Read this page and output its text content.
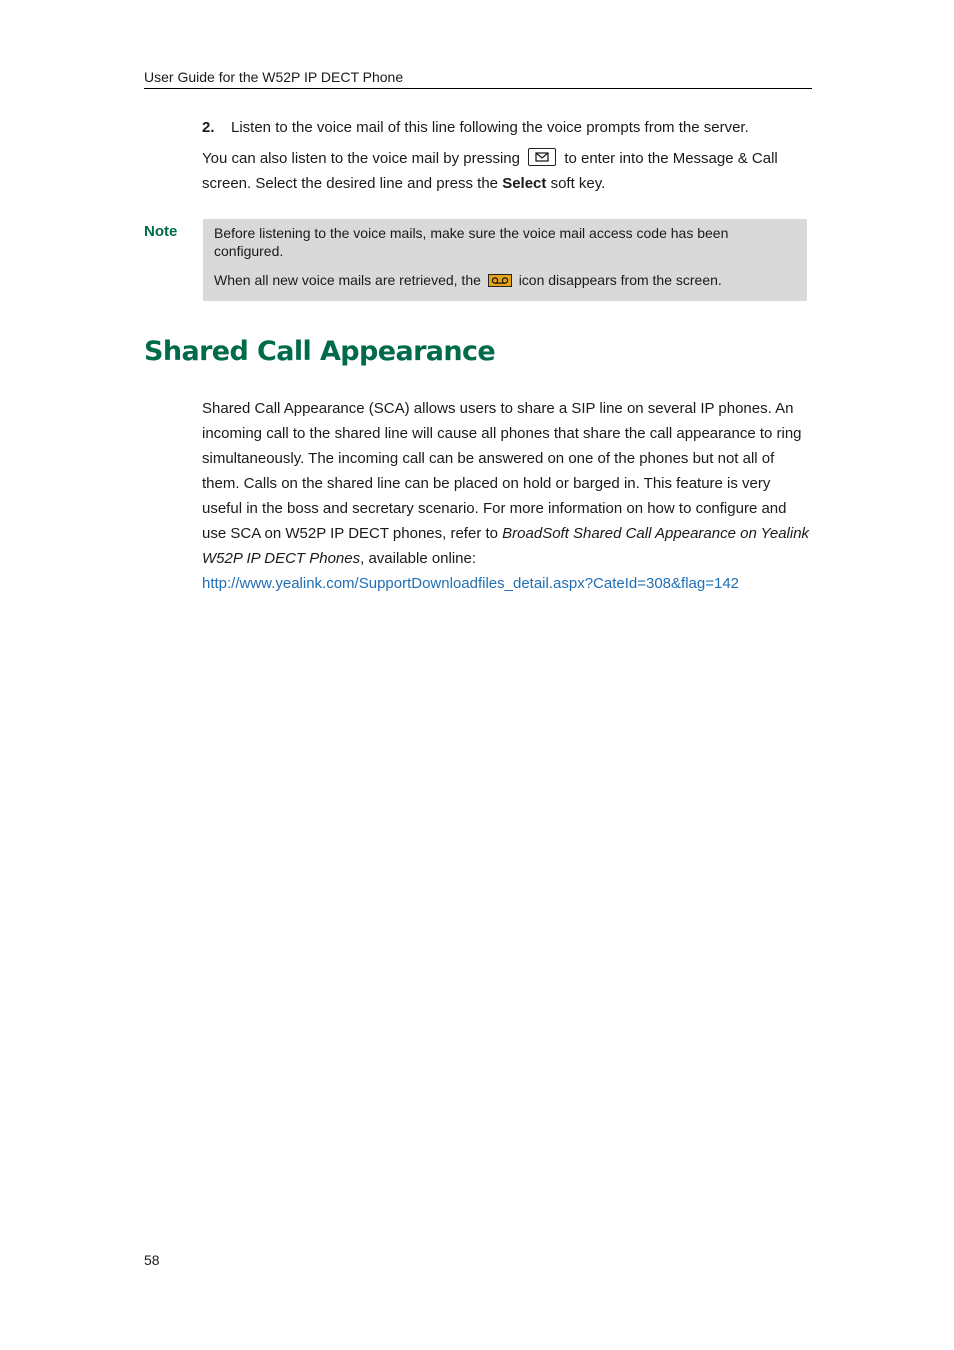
User Guide for the W52P IP DECT Phone
2. Listen to the voice mail of this line following the voice prompts from the server.
You can also listen to the voice mail by pressing	to enter into the Message & Call screen. Select the desired line and press the Select soft key.
Note	Before listening to the voice mails, make sure the voice mail access code has been configured.

When all new voice mails are retrieved, the	icon disappears from the screen.

Shared Call Appearance
Shared Call Appearance (SCA) allows users to share a SIP line on several IP phones. An incoming call to the shared line will cause all phones that share the call appearance to ring simultaneously. The incoming call can be answered on one of the phones but not all of them. Calls on the shared line can be placed on hold or barged in. This feature is very useful in the boss and secretary scenario. For more information on how to configure and use SCA on W52P IP DECT phones, refer to BroadSoft Shared Call Appearance on Yealink W52P IP DECT Phones, available online:
http://www.yealink.com/SupportDownloadfiles_detail.aspx?CateId=308&flag=142
58
